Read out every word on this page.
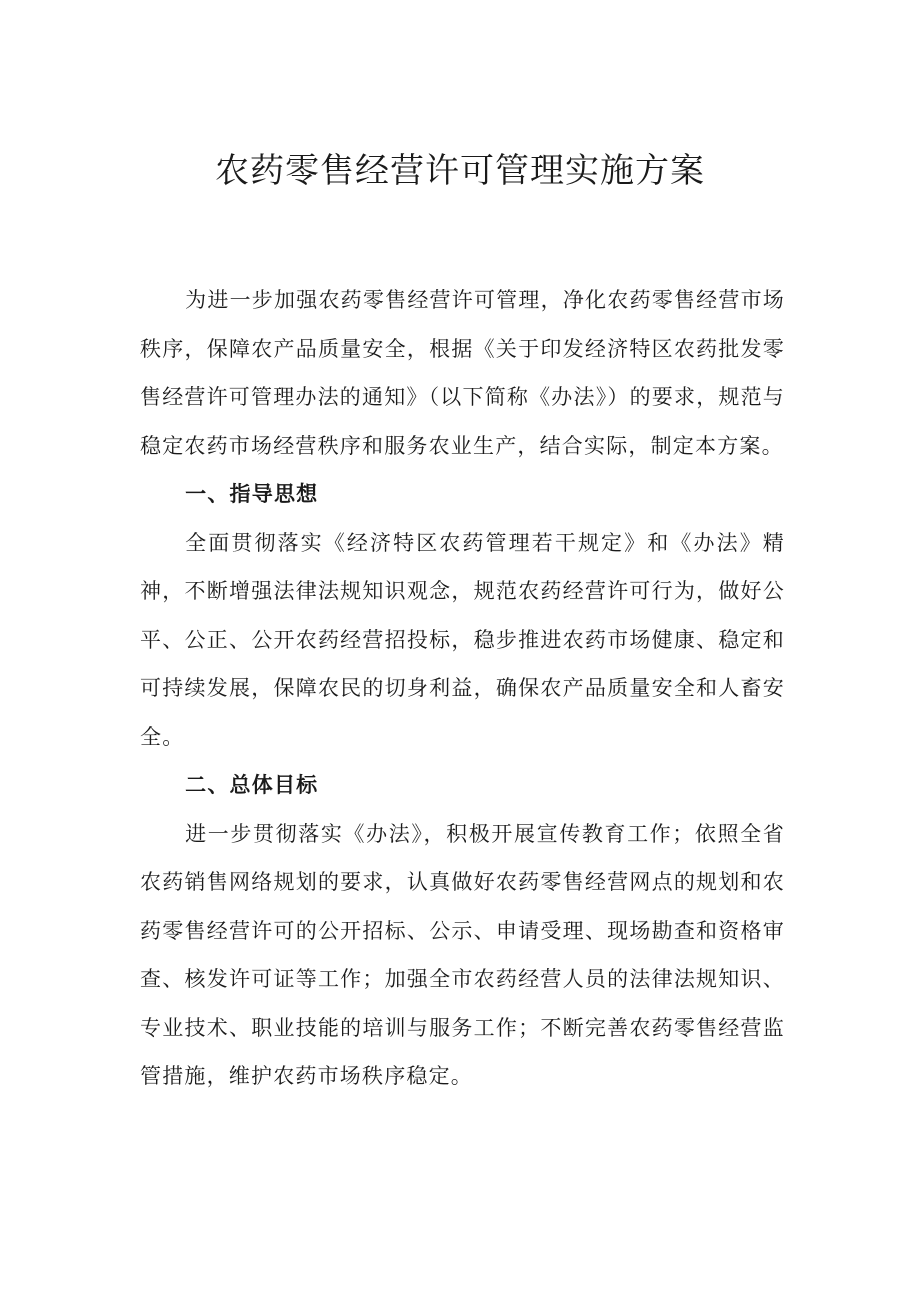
农药零售经营许可管理实施方案

为进一步加强农药零售经营许可管理，净化农药零售经营市场秩序，保障农产品质量安全，根据《关于印发经济特区农药批发零售经营许可管理办法的通知》（以下简称《办法》）的要求，规范与稳定农药市场经营秩序和服务农业生产，结合实际，制定本方案。

一、指导思想

全面贯彻落实《经济特区农药管理若干规定》和《办法》精神，不断增强法律法规知识观念，规范农药经营许可行为，做好公平、公正、公开农药经营招投标，稳步推进农药市场健康、稳定和可持续发展，保障农民的切身利益，确保农产品质量安全和人畜安全。

二、总体目标

进一步贯彻落实《办法》，积极开展宣传教育工作；依照全省农药销售网络规划的要求，认真做好农药零售经营网点的规划和农药零售经营许可的公开招标、公示、申请受理、现场勘查和资格审查、核发许可证等工作；加强全市农药经营人员的法律法规知识、专业技术、职业技能的培训与服务工作；不断完善农药零售经营监管措施，维护农药市场秩序稳定。
